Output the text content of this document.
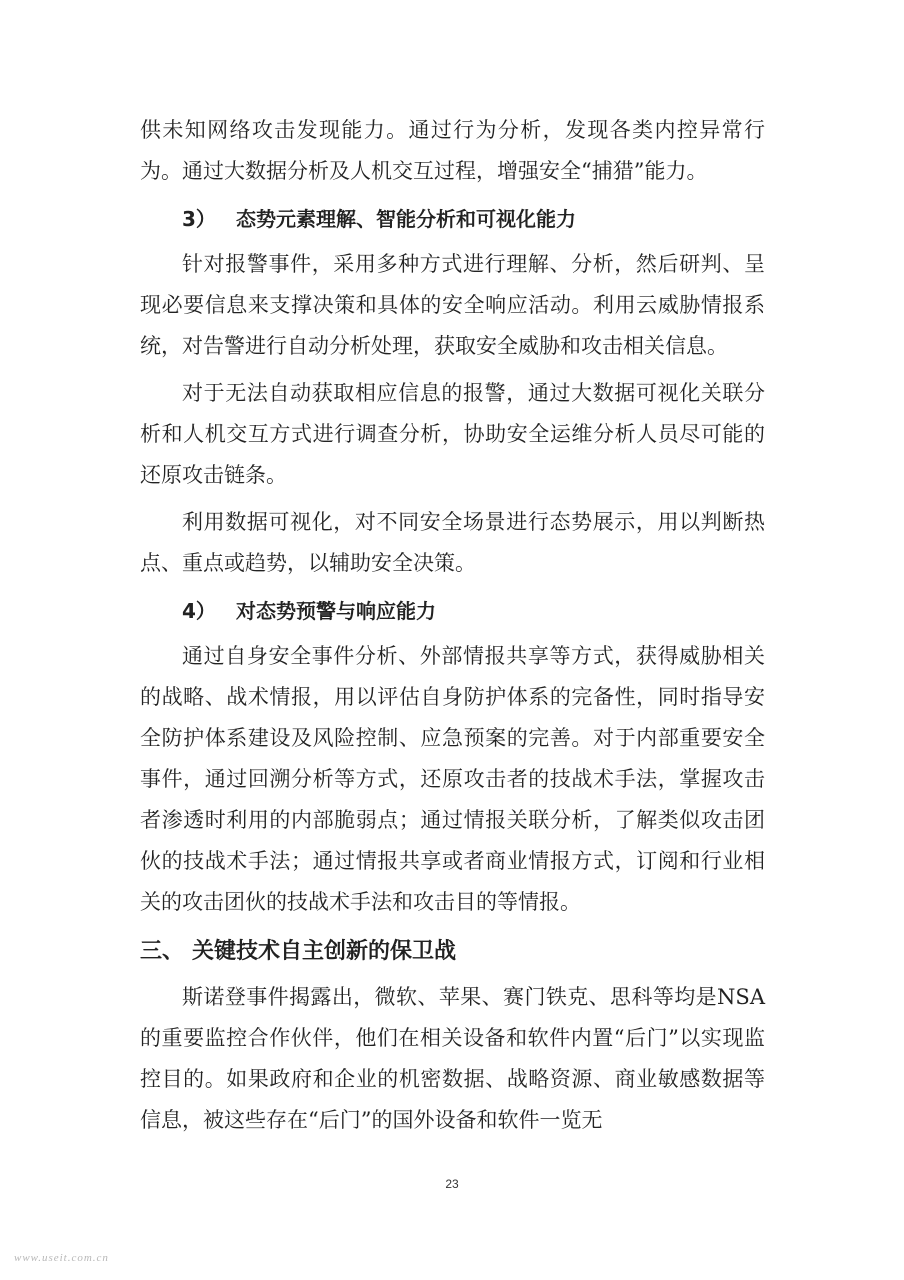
供未知网络攻击发现能力。通过行为分析，发现各类内控异常行为。通过大数据分析及人机交互过程，增强安全“捕猎”能力。

3） 态势元素理解、智能分析和可视化能力

针对报警事件，采用多种方式进行理解、分析，然后研判、呈现必要信息来支撑决策和具体的安全响应活动。利用云威胁情报系统，对告警进行自动分析处理，获取安全威胁和攻击相关信息。

对于无法自动获取相应信息的报警，通过大数据可视化关联分析和人机交互方式进行调查分析，协助安全运维分析人员尽可能的还原攻击链条。

利用数据可视化，对不同安全场景进行态势展示，用以判断热点、重点或趋势，以辅助安全决策。

4） 对态势预警与响应能力

通过自身安全事件分析、外部情报共享等方式，获得威胁相关的战略、战术情报，用以评估自身防护体系的完备性，同时指导安全防护体系建设及风险控制、应急预案的完善。对于内部重要安全事件，通过回溯分析等方式，还原攻击者的技战术手法，掌握攻击者渗透时利用的内部脆弱点；通过情报关联分析，了解类似攻击团伙的技战术手法；通过情报共享或者商业情报方式，订阅和行业相关的攻击团伙的技战术手法和攻击目的等情报。

三、 关键技术自主创新的保卫战

斯诺登事件揭露出，微软、苹果、赛门铁克、思科等均是NSA 的重要监控合作伙伴，他们在相关设备和软件内置“后门”以实现监控目的。如果政府和企业的机密数据、战略资源、商业敏感数据等信息，被这些存在“后门”的国外设备和软件一览无

23
www.useit.com.cn
